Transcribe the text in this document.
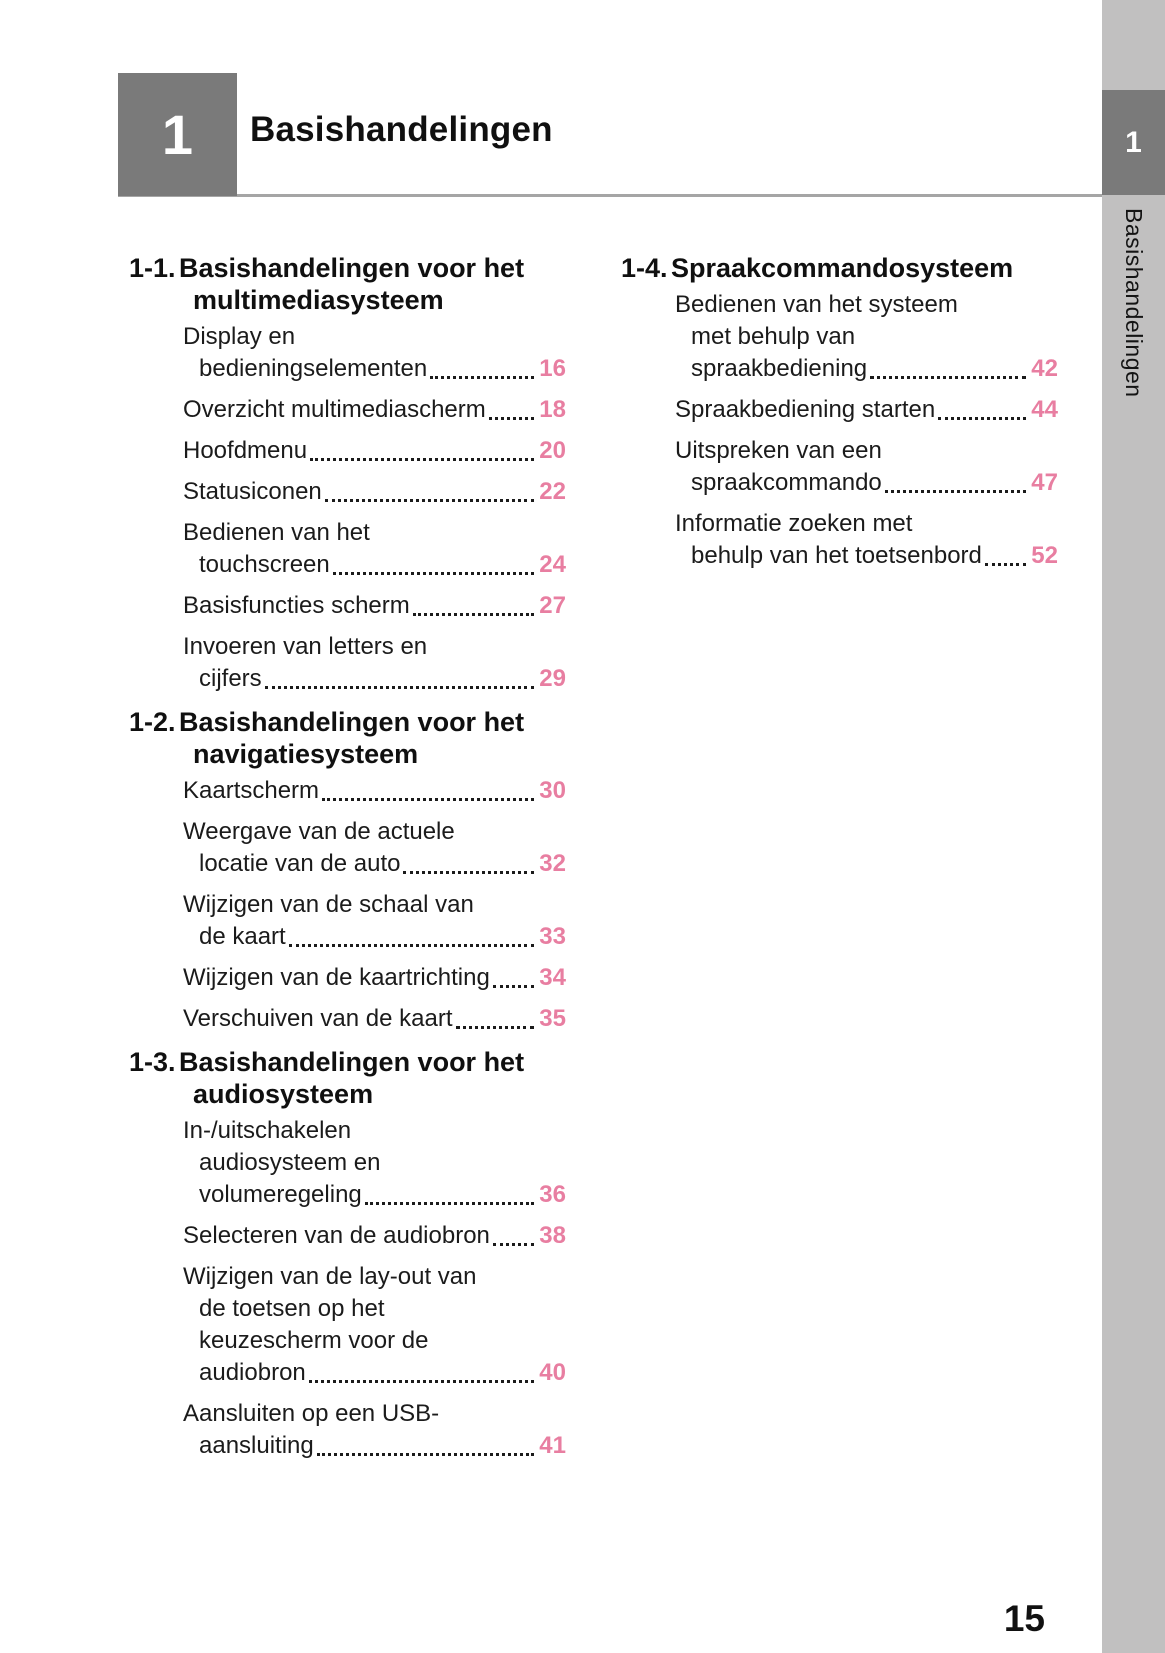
1
Basishandelingen
1 Basishandelingen
1-1. Basishandelingen voor het
multimediasysteem
Display en
bedieningselementen	16
Overzicht multimediascherm 18
Hoofdmenu	20
Statusiconen	22
Bedienen van het
touchscreen	24
Basisfuncties scherm	27
Invoeren van letters en
cijfers	29
1-2. Basishandelingen voor het
navigatiesysteem
Kaartscherm	30
Weergave van de actuele
locatie van de auto	32
Wijzigen van de schaal van
de kaart	33
Wijzigen van de kaartrichting 34
Verschuiven van de kaart	35
1-3. Basishandelingen voor het
audiosysteem
In-/uitschakelen
audiosysteem en
volumeregeling	36
Selecteren van de audiobron 38
Wijzigen van de lay-out van
de toetsen op het
keuzescherm voor de
audiobron	40
Aansluiten op een USB-
aansluiting	41
1-4. Spraakcommandosysteem
Bedienen van het systeem
met behulp van
spraakbediening	42
Spraakbediening starten	44
Uitspreken van een
spraakcommando	47
Informatie zoeken met
behulp van het toetsenbord 52
15
